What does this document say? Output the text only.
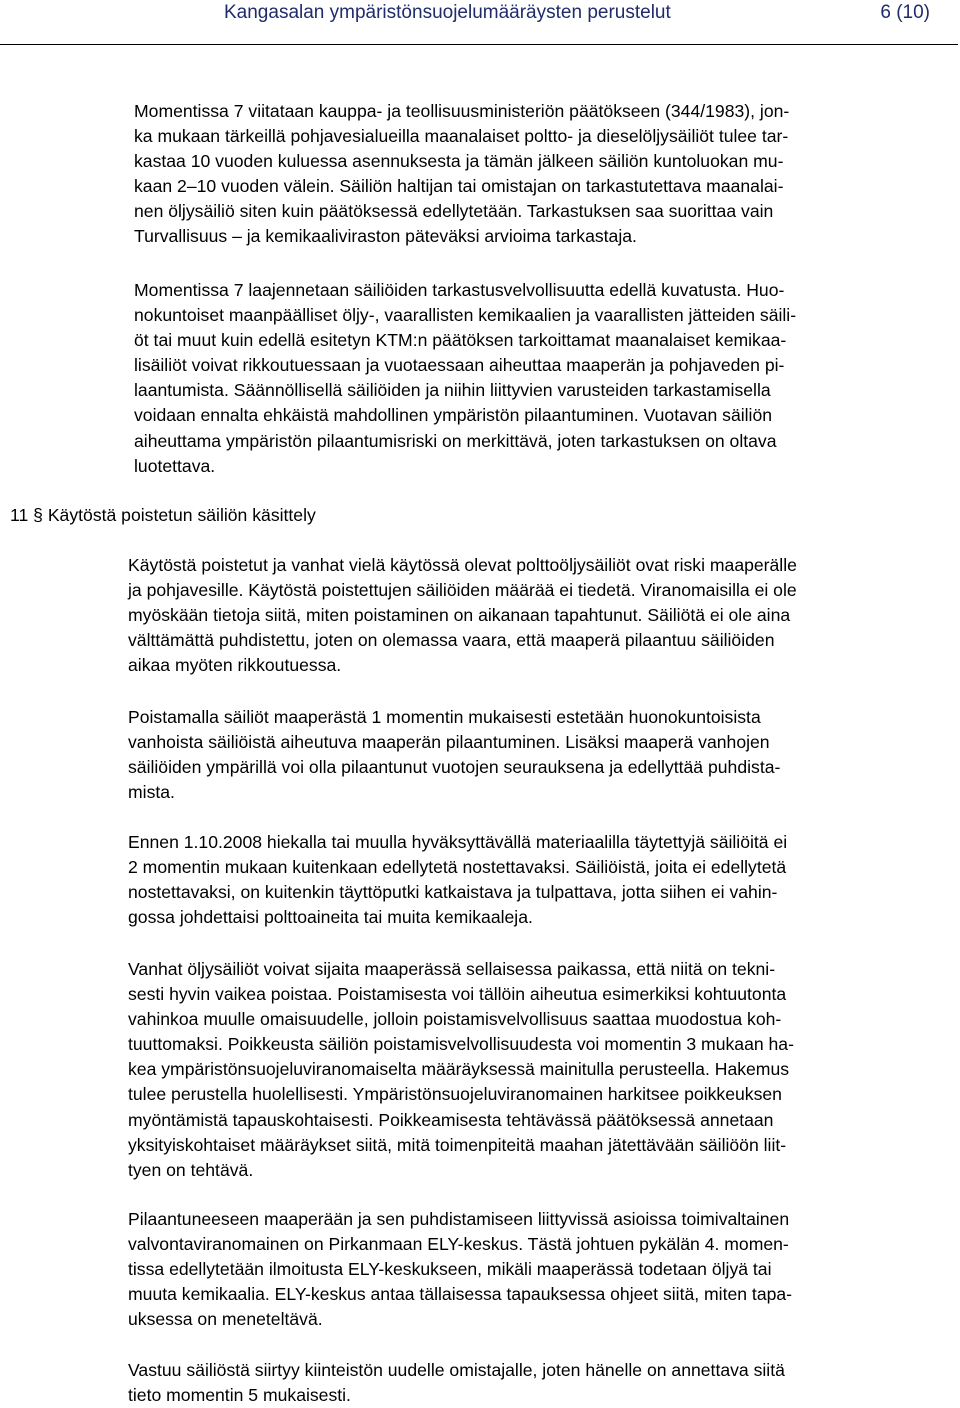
Kangasalan ympäristönsuojelumääräysten perustelut	6 (10)
Momentissa 7 viitataan kauppa- ja teollisuusministeriön päätökseen (344/1983), jon-
ka mukaan tärkeillä pohjavesialueilla maanalaiset poltto- ja dieselöljysäiliöt tulee tar-
kastaa 10 vuoden kuluessa asennuksesta ja tämän jälkeen säiliön kuntoluokan mu-
kaan 2–10 vuoden välein. Säiliön haltijan tai omistajan on tarkastutettava maanalai-
nen öljysäiliö siten kuin päätöksessä edellytetään. Tarkastuksen saa suorittaa vain
Turvallisuus – ja kemikaaliviraston päteväksi arvioima tarkastaja.
Momentissa 7 laajennetaan säiliöiden tarkastusvelvollisuutta edellä kuvatusta. Huo-
nokuntoiset maanpäälliset öljy-, vaarallisten kemikaalien ja vaarallisten jätteiden säili-
öt tai muut kuin edellä esitetyn KTM:n päätöksen tarkoittamat maanalaiset kemikaa-
lisäiliöt voivat rikkoutuessaan ja vuotaessaan aiheuttaa maaperän ja pohjaveden pi-
laantumista. Säännöllisellä säiliöiden ja niihin liittyvien varusteiden tarkastamisella
voidaan ennalta ehkäistä mahdollinen ympäristön pilaantuminen. Vuotavan säiliön
aiheuttama ympäristön pilaantumisriski on merkittävä, joten tarkastuksen on oltava
luotettava.
11 § Käytöstä poistetun säiliön käsittely
Käytöstä poistetut ja vanhat vielä käytössä olevat polttoöljysäiliöt ovat riski maaperälle
ja pohjavesille. Käytöstä poistettujen säiliöiden määrää ei tiedetä. Viranomaisilla ei ole
myöskään tietoja siitä, miten poistaminen on aikanaan tapahtunut. Säiliötä ei ole aina
välttämättä puhdistettu, joten on olemassa vaara, että maaperä pilaantuu säiliöiden
aikaa myöten rikkoutuessa.
Poistamalla säiliöt maaperästä 1 momentin mukaisesti estetään huonokuntoisista
vanhoista säiliöistä aiheutuva maaperän pilaantuminen. Lisäksi maaperä vanhojen
säiliöiden ympärillä voi olla pilaantunut vuotojen seurauksena ja edellyttää puhdista-
mista.
Ennen 1.10.2008 hiekalla tai muulla hyväksyttävällä materiaalilla täytettyjä säiliöitä ei
2 momentin mukaan kuitenkaan edellytetä nostettavaksi. Säiliöistä, joita ei edellytetä
nostettavaksi, on kuitenkin täyttöputki katkaistava ja tulpattava, jotta siihen ei vahin-
gossa johdettaisi polttoaineita tai muita kemikaaleja.
Vanhat öljysäiliöt voivat sijaita maaperässä sellaisessa paikassa, että niitä on tekni-
sesti hyvin vaikea poistaa. Poistamisesta voi tällöin aiheutua esimerkiksi kohtuutonta
vahinkoa muulle omaisuudelle, jolloin poistamisvelvollisuus saattaa muodostua koh-
tuuttomaksi. Poikkeusta säiliön poistamisvelvollisuudesta voi momentin 3 mukaan ha-
kea ympäristönsuojeluviranomaiselta määräyksessä mainitulla perusteella. Hakemus
tulee perustella huolellisesti. Ympäristönsuojeluviranomainen harkitsee poikkeuksen
myöntämistä tapauskohtaisesti. Poikkeamisesta tehtävässä päätöksessä annetaan
yksityiskohtaiset määräykset siitä, mitä toimenpiteitä maahan jätettävään säiliöön liit-
tyen on tehtävä.
Pilaantuneeseen maaperään ja sen puhdistamiseen liittyvissä asioissa toimivaltainen
valvontaviranomainen on Pirkanmaan ELY-keskus. Tästä johtuen pykälän 4. momen-
tissa edellytetään ilmoitusta ELY-keskukseen, mikäli maaperässä todetaan öljyä tai
muuta kemikaalia. ELY-keskus antaa tällaisessa tapauksessa ohjeet siitä, miten tapa-
uksessa on meneteltävä.
Vastuu säiliöstä siirtyy kiinteistön uudelle omistajalle, joten hänelle on annettava siitä
tieto momentin 5 mukaisesti.
